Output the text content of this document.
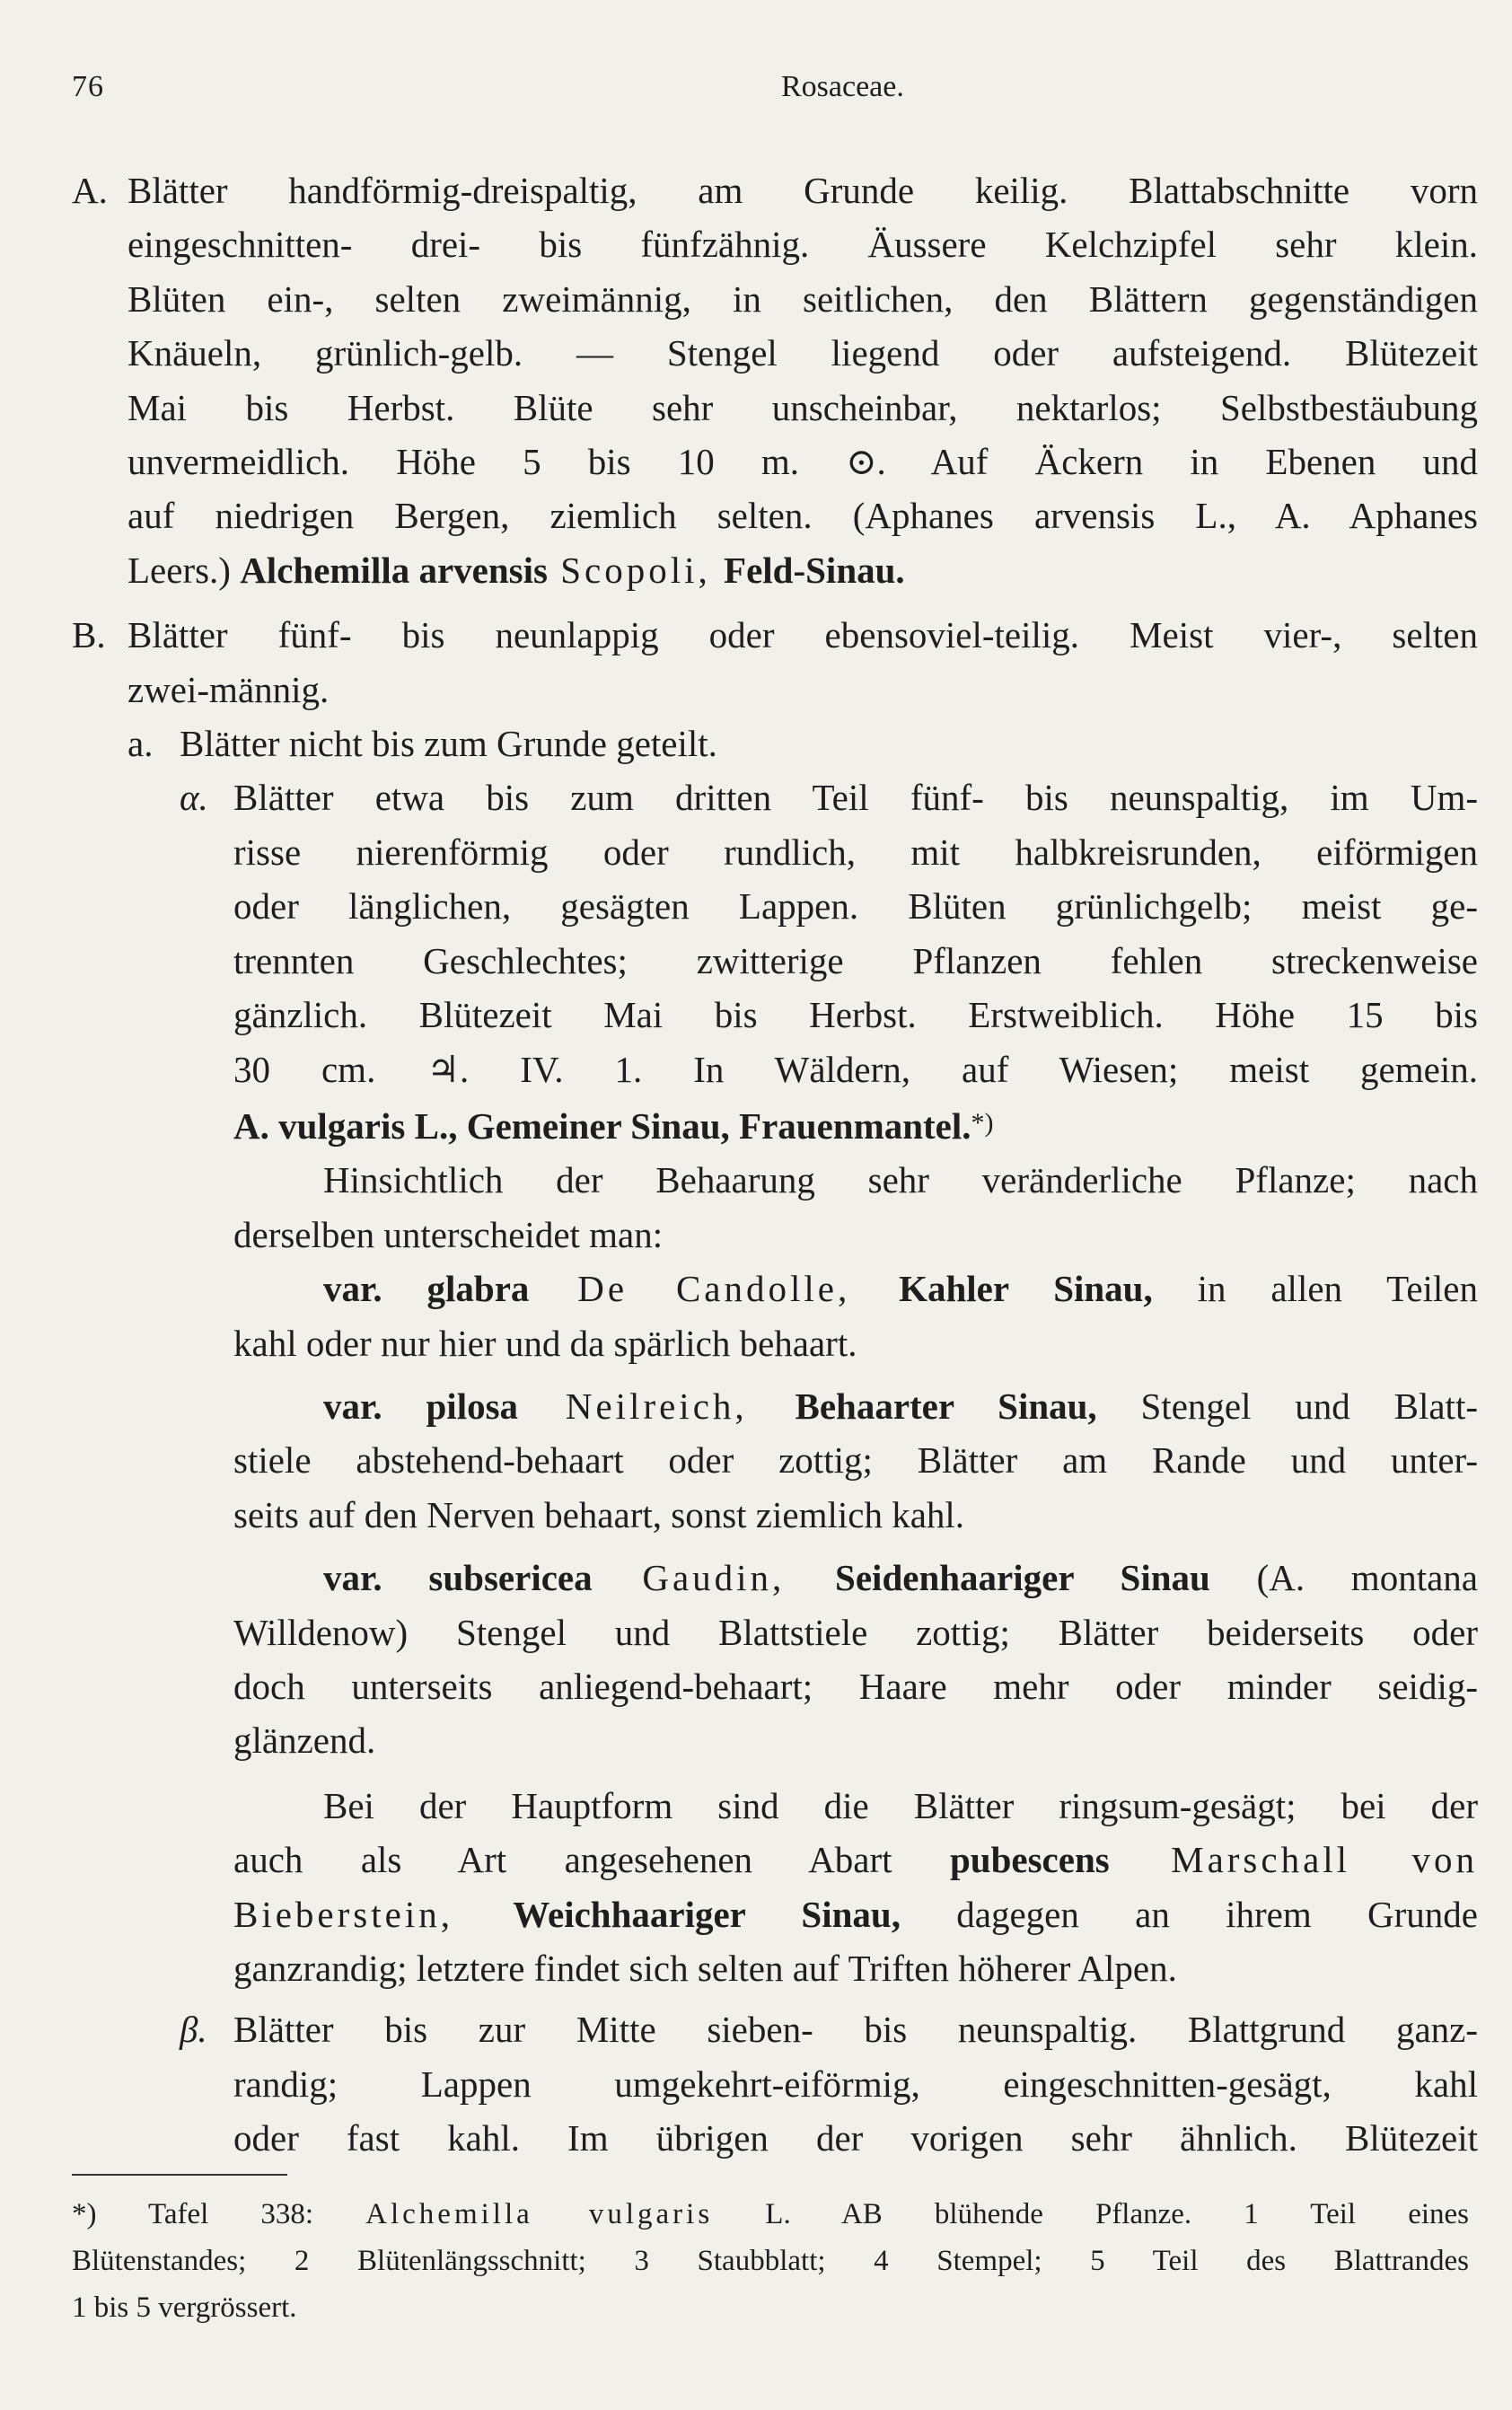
76	Rosaceae.
A. Blätter handförmig-dreispaltig, am Grunde keilig. Blattabschnitte vorn
eingeschnitten- drei- bis fünfzähnig. Äussere Kelchzipfel sehr klein.
Blüten ein-, selten zweimännig, in seitlichen, den Blättern gegenständigen
Knäueln, grünlich-gelb. — Stengel liegend oder aufsteigend. Blütezeit
Mai bis Herbst. Blüte sehr unscheinbar, nektarlos; Selbstbestäubung
unvermeidlich. Höhe 5 bis 10 m. ⊙. Auf Äckern in Ebenen und
auf niedrigen Bergen, ziemlich selten. (Aphanes arvensis L., A. Aphanes
Leers.) Alchemilla arvensis Scopoli, Feld-Sinau.
B. Blätter fünf- bis neunlappig oder ebensoviel-teilig. Meist vier-, selten
zwei-männig.
a. Blätter nicht bis zum Grunde geteilt.
α. Blätter etwa bis zum dritten Teil fünf- bis neunspaltig, im Um-
risse nierenförmig oder rundlich, mit halbkreisrunden, eiförmigen
oder länglichen, gesägten Lappen. Blüten grünlichgelb; meist ge-
trennten Geschlechtes; zwitterige Pflanzen fehlen streckenweise
gänzlich. Blütezeit Mai bis Herbst. Erstweiblich. Höhe 15 bis
30 cm. ♃. IV. 1. In Wäldern, auf Wiesen; meist gemein.
A. vulgaris L., Gemeiner Sinau, Frauenmantel.*)
Hinsichtlich der Behaarung sehr veränderliche Pflanze; nach
derselben unterscheidet man:
var. glabra De Candolle, Kahler Sinau, in allen Teilen
kahl oder nur hier und da spärlich behaart.
var. pilosa Neilreich, Behaarter Sinau, Stengel und Blatt-
stiele abstehend-behaart oder zottig; Blätter am Rande und unter-
seits auf den Nerven behaart, sonst ziemlich kahl.
var. subsericea Gaudin, Seidenhaariger Sinau (A. montana
Willdenow) Stengel und Blattstiele zottig; Blätter beiderseits oder
doch unterseits anliegend-behaart; Haare mehr oder minder seidig-
glänzend.
Bei der Hauptform sind die Blätter ringsum-gesägt; bei der
auch als Art angesehenen Abart pubescens Marschall von
Bieberstein, Weichhaariger Sinau, dagegen an ihrem Grunde
ganzrandig; letztere findet sich selten auf Triften höherer Alpen.
β. Blätter bis zur Mitte sieben- bis neunspaltig. Blattgrund ganz-
randig; Lappen umgekehrt-eiförmig, eingeschnitten-gesägt, kahl
oder fast kahl. Im übrigen der vorigen sehr ähnlich. Blütezeit
*) Tafel 338: Alchemilla vulgaris L. AB blühende Pflanze. 1 Teil eines
Blütenstandes; 2 Blütenlängsschnitt; 3 Staubblatt; 4 Stempel; 5 Teil des Blattrandes
1 bis 5 vergrössert.
